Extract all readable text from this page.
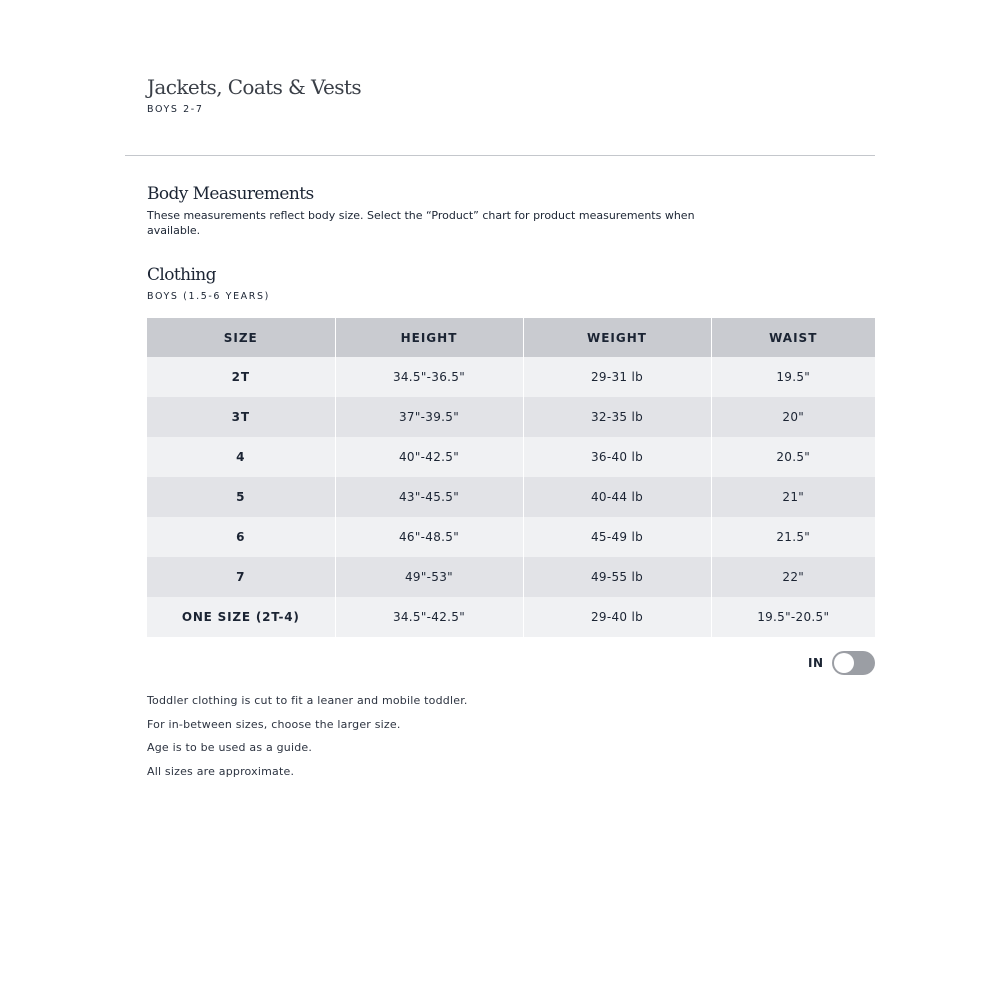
Jackets, Coats & Vests
BOYS 2-7
Body Measurements

These measurements reflect body size. Select the “Product” chart for product measurements when available.

Clothing
BOYS (1.5-6 YEARS)
SIZE	HEIGHT	WEIGHT	WAIST
2T	34.5"-36.5"	29-31 lb	19.5"
3T	37"-39.5"	32-35 lb	20"
4	40"-42.5"	36-40 lb	20.5"
5	43"-45.5"	40-44 lb	21"
6	46"-48.5"	45-49 lb	21.5"
7	49"-53"	49-55 lb	22"
ONE SIZE (2T-4)	34.5"-42.5"	29-40 lb	19.5"-20.5"
IN
Toddler clothing is cut to fit a leaner and mobile toddler.
For in-between sizes, choose the larger size.
Age is to be used as a guide.
All sizes are approximate.
